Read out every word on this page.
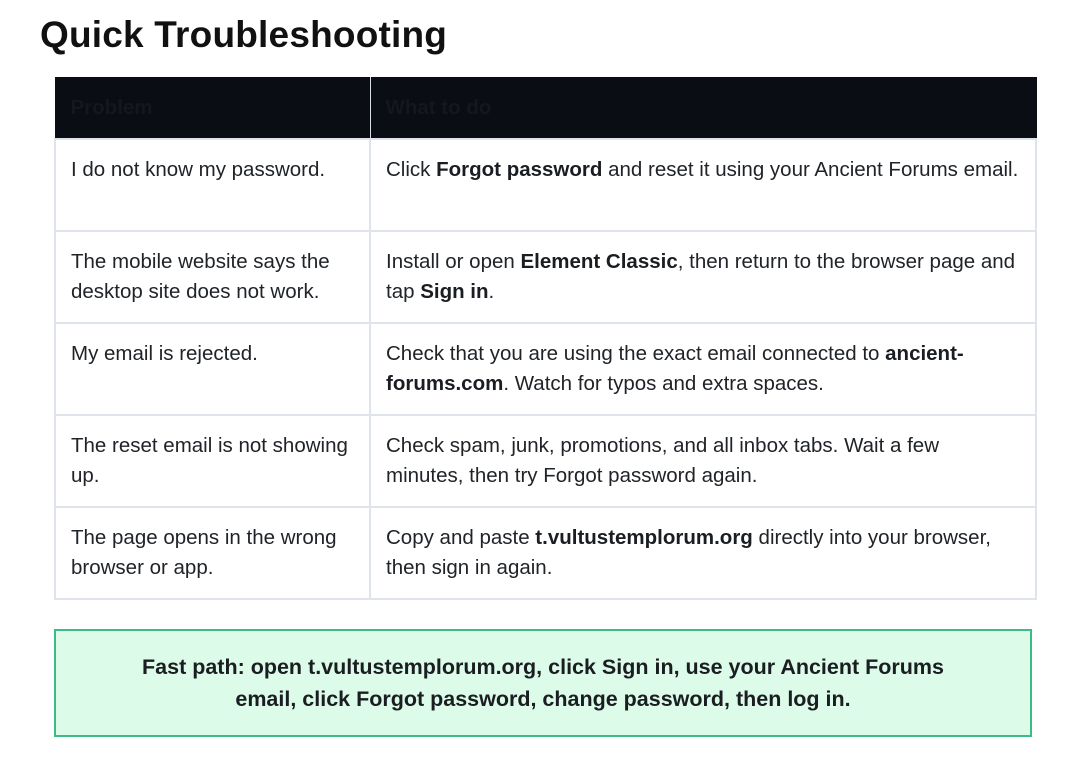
Quick Troubleshooting
Problem	What to do
I do not know my password.	Click Forgot password and reset it using your Ancient Forums email.
The mobile website says the desktop site does not work.	Install or open Element Classic, then return to the browser page and tap Sign in.
My email is rejected.	Check that you are using the exact email connected to ancient-forums.com. Watch for typos and extra spaces.
The reset email is not showing up.	Check spam, junk, promotions, and all inbox tabs. Wait a few minutes, then try Forgot password again.
The page opens in the wrong browser or app.	Copy and paste t.vultustemplorum.org directly into your browser, then sign in again.

Fast path: open t.vultustemplorum.org, click Sign in, use your Ancient Forums email, click Forgot password, change password, then log in.
